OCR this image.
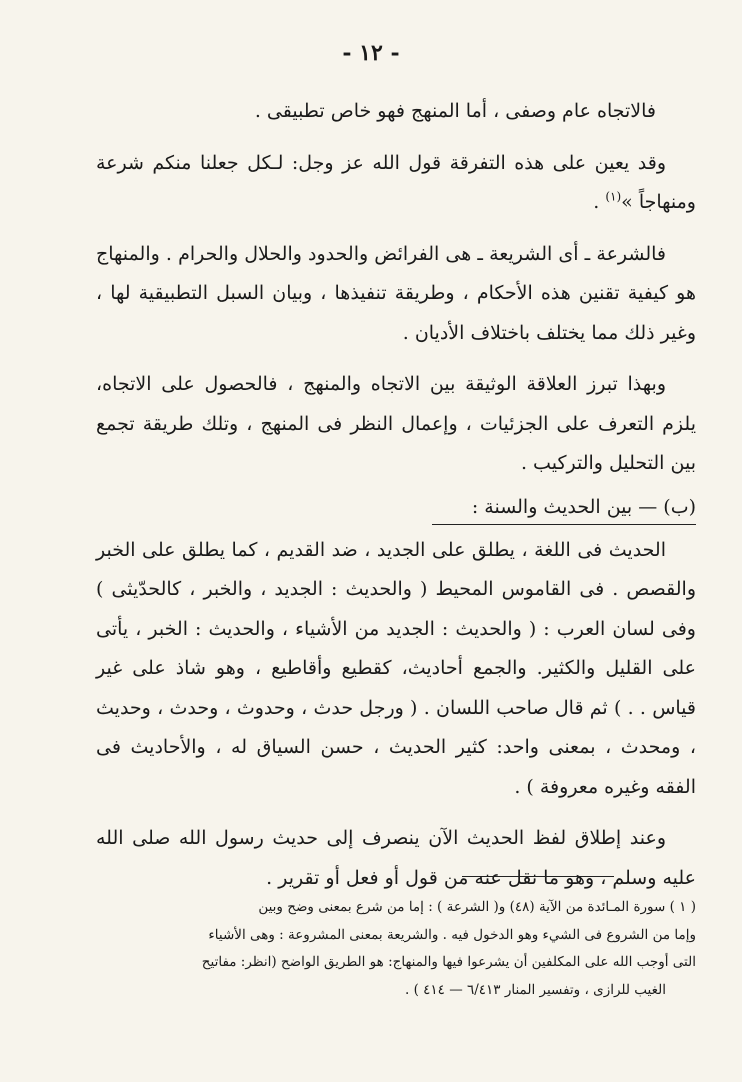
- ١٢ -

فالاتجاه عام وصفى ، أما المنهج فهو خاص تطبيقى .

وقد يعين على هذه التفرقة قول الله عز وجل: لـكل جعلنا منكم شرعة ومنهاجاً »$^{(١)}$ .

فالشرعة ـ أى الشريعة ـ هى الفرائض والحدود والحلال والحرام . والمنهاج هو كيفية تقنين هذه الأحكام ، وطريقة تنفيذها ، وبيان السبل التطبيقية لها ، وغير ذلك مما يختلف باختلاف الأديان .

وبهذا تبرز العلاقة الوثيقة بين الاتجاه والمنهج ، فالحصول على الاتجاه، يلزم التعرف على الجزئيات ، وإعمال النظر فى المنهج ، وتلك طريقة تجمع بين التحليل والتركيب .

(ب) — بين الحديث والسنة :

الحديث فى اللغة ، يطلق على الجديد ، ضد القديم ، كما يطلق على الخبر والقصص . فى القاموس المحيط ( والحديث : الجديد ، والخبر ، كالحدّيثى ) وفى لسان العرب : ( والحديث : الجديد من الأشياء ، والحديث : الخبر ، يأتى على القليل والكثير. والجمع أحاديث، كقطيع وأقاطيع ، وهو شاذ على غير قياس . . ) ثم قال صاحب اللسان . ( ورجل حدث ، وحدوث ، وحدث ، وحديث ، ومحدث ، بمعنى واحد: كثير الحديث ، حسن السياق له ، والأحاديث فى الفقه وغيره معروفة ) .

وعند إطلاق لفظ الحديث الآن ينصرف إلى حديث رسول الله صلى الله عليه وسلم ، وهو ما نقل عنه من قول أو فعل أو تقرير .

( ١ ) سورة المـائدة من الآية (٤٨) و( الشرعة ) : إما من شرع بمعنى وضح وبين

وإما من الشروع فى الشيء وهو الدخول فيه . والشريعة بمعنى المشروعة : وهى الأشياء

التى أوجب الله على المكلفين أن يشرعوا فيها والمنهاج: هو الطريق الواضح (انظر: مفاتيح

الغيب للرازى ، وتفسير المنار ٦/٤١٣ — ٤١٤ ) .
